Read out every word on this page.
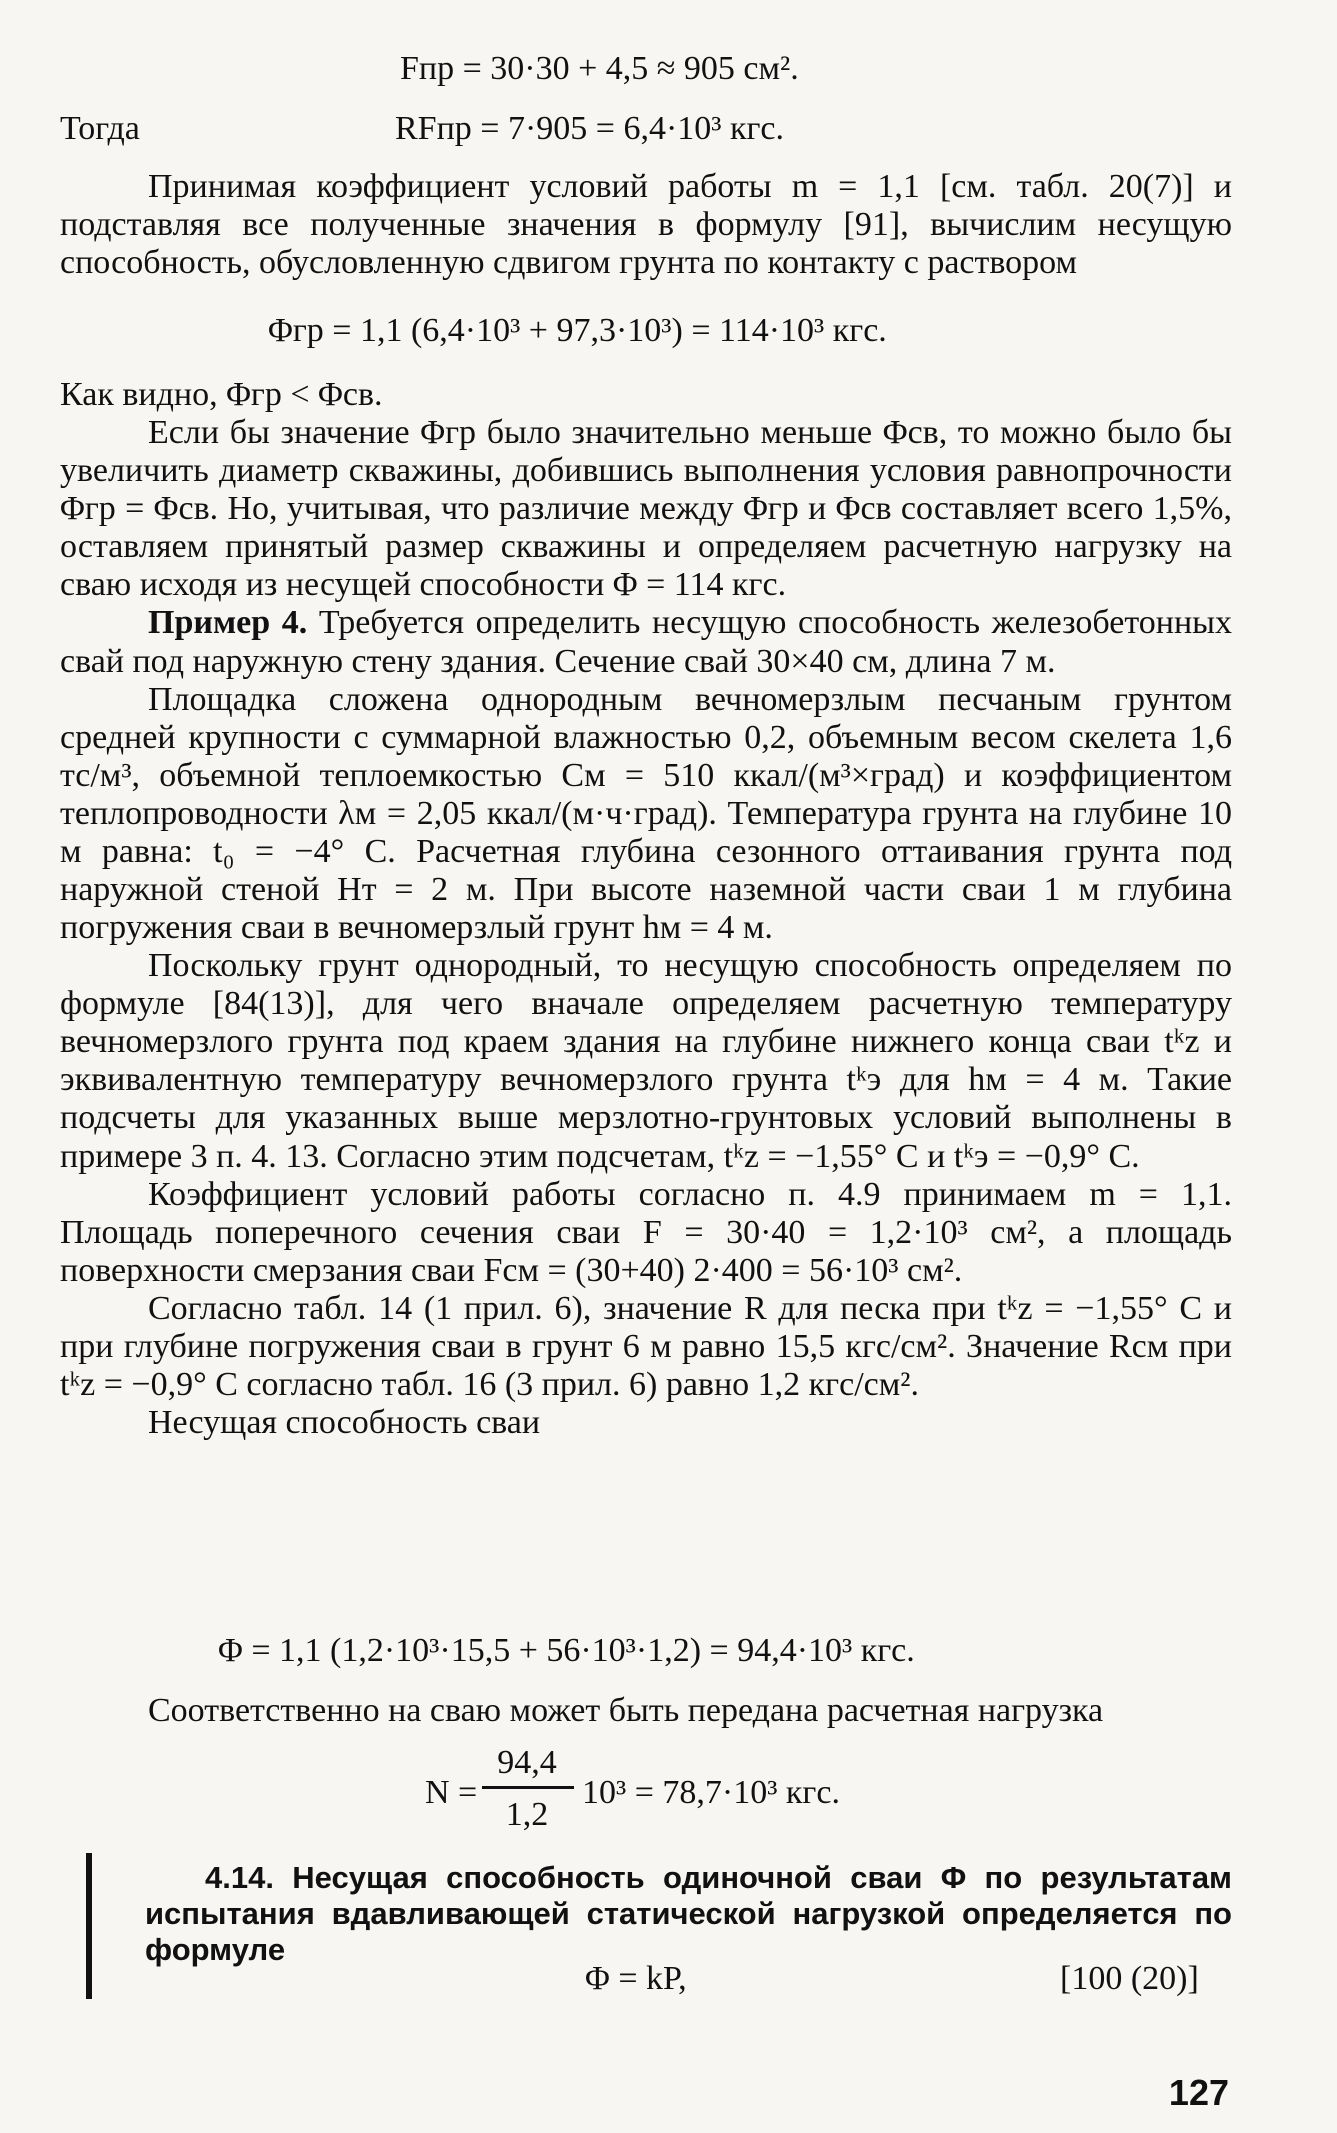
Fпр = 30·30 + 4,5 ≈ 905 см².
Тогда	RFпр = 7·905 = 6,4·10³ кгс.

Принимая коэффициент условий работы m = 1,1 [см. табл. 20(7)] и подставляя все полученные значения в формулу [91], вычислим несущую способность, обусловленную сдвигом грунта по контакту с раствором

Φгр = 1,1 (6,4·10³ + 97,3·10³) = 114·10³ кгс.

Как видно, Φгр < Φсв.

Если бы значение Φгр было значительно меньше Φсв, то можно было бы увеличить диаметр скважины, добившись выполнения условия равнопрочности Φгр = Φсв. Но, учитывая, что различие между Φгр и Φсв составляет всего 1,5%, оставляем принятый размер скважины и определяем расчетную нагрузку на сваю исходя из несущей способности Φ = 114 кгс.

Пример 4. Требуется определить несущую способность железобетонных свай под наружную стену здания. Сечение свай 30×40 см, длина 7 м.

Площадка сложена однородным вечномерзлым песчаным грунтом средней крупности с суммарной влажностью 0,2, объемным весом скелета 1,6 тс/м³, объемной теплоемкостью Cм = 510 ккал/(м³×град) и коэффициентом теплопроводности λм = 2,05 ккал/(м·ч·град). Температура грунта на глубине 10 м равна: t₀ = −4° C. Расчетная глубина сезонного оттаивания грунта под наружной стеной Hт = 2 м. При высоте наземной части сваи 1 м глубина погружения сваи в вечномерзлый грунт hм = 4 м.

Поскольку грунт однородный, то несущую способность определяем по формуле [84(13)], для чего вначале определяем расчетную температуру вечномерзлого грунта под краем здания на глубине нижнего конца сваи tᵏz и эквивалентную температуру вечномерзлого грунта tᵏэ для hм = 4 м. Такие подсчеты для указанных выше мерзлотно-грунтовых условий выполнены в примере 3 п. 4. 13. Согласно этим подсчетам, tᵏz = −1,55° C и tᵏэ = −0,9° C.

Коэффициент условий работы согласно п. 4.9 принимаем m = 1,1. Площадь поперечного сечения сваи F = 30·40 = 1,2·10³ см², а площадь поверхности смерзания сваи Fсм = (30+40) 2·400 = 56·10³ см².

Согласно табл. 14 (1 прил. 6), значение R для песка при tᵏz = −1,55° C и при глубине погружения сваи в грунт 6 м равно 15,5 кгс/см². Значение Rсм при tᵏz = −0,9° C согласно табл. 16 (3 прил. 6) равно 1,2 кгс/см².

Несущая способность сваи

Φ = 1,1 (1,2·10³·15,5 + 56·10³·1,2) = 94,4·10³ кгс.

Соответственно на сваю может быть передана расчетная нагрузка

N =
94,4
1,2
10³ = 78,7·10³ кгс.

4.14. Несущая способность одиночной сваи Φ по результатам испытания вдавливающей статической нагрузкой определяется по формуле

Φ = kP,	[100 (20)]
127
